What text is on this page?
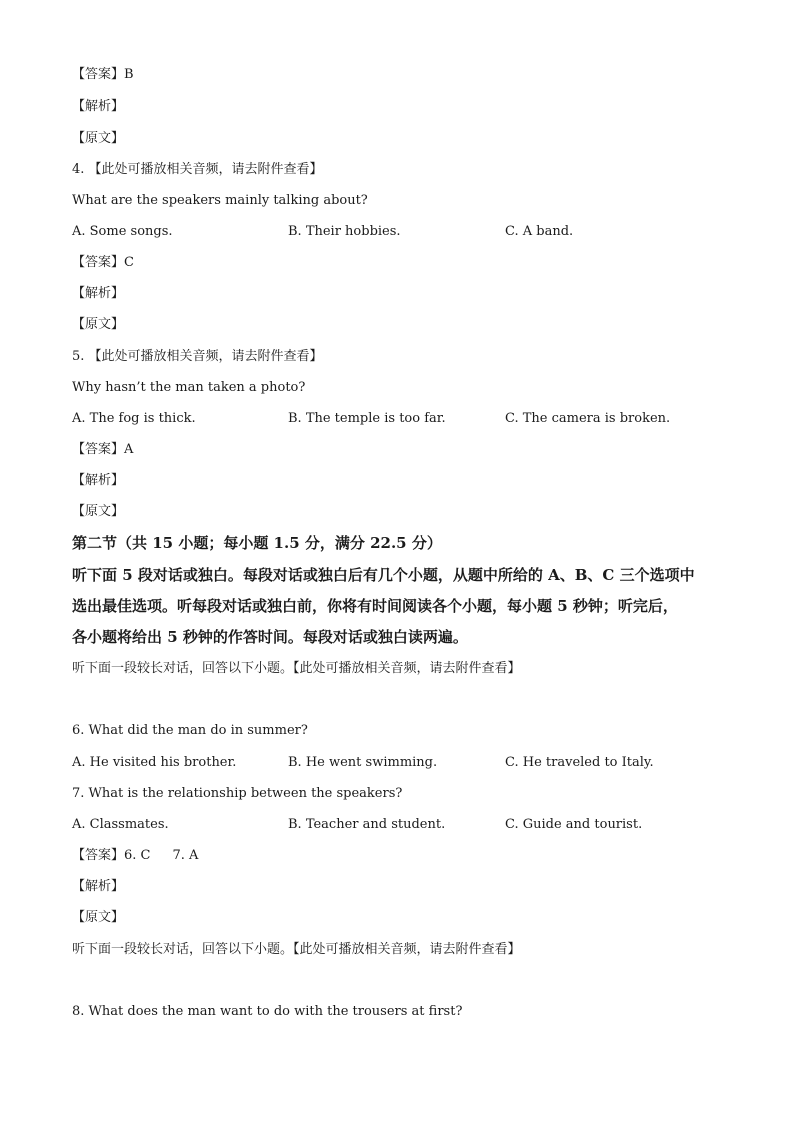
【答案】B
【解析】
【原文】
4. 【此处可播放相关音频，请去附件查看】
What are the speakers mainly talking about?
A. Some songs.	B. Their hobbies.	C. A band.
【答案】C
【解析】
【原文】
5. 【此处可播放相关音频，请去附件查看】
Why hasn’t the man taken a photo?
A. The fog is thick.	B. The temple is too far.	C. The camera is broken.
【答案】A
【解析】
【原文】
第二节（共 15 小题；每小题 1.5 分，满分 22.5 分）
听下面 5 段对话或独白。每段对话或独白后有几个小题，从题中所给的 A、B、C 三个选项中
选出最佳选项。听每段对话或独白前，你将有时间阅读各个小题，每小题 5 秒钟；听完后，
各小题将给出 5 秒钟的作答时间。每段对话或独白读两遍。
听下面一段较长对话，回答以下小题。【此处可播放相关音频，请去附件查看】
6. What did the man do in summer?
A. He visited his brother.	B. He went swimming.	C. He traveled to Italy.
7. What is the relationship between the speakers?
A. Classmates.	B. Teacher and student.	C. Guide and tourist.
【答案】6. C 7. A
【解析】
【原文】
听下面一段较长对话，回答以下小题。【此处可播放相关音频，请去附件查看】
8. What does the man want to do with the trousers at first?
